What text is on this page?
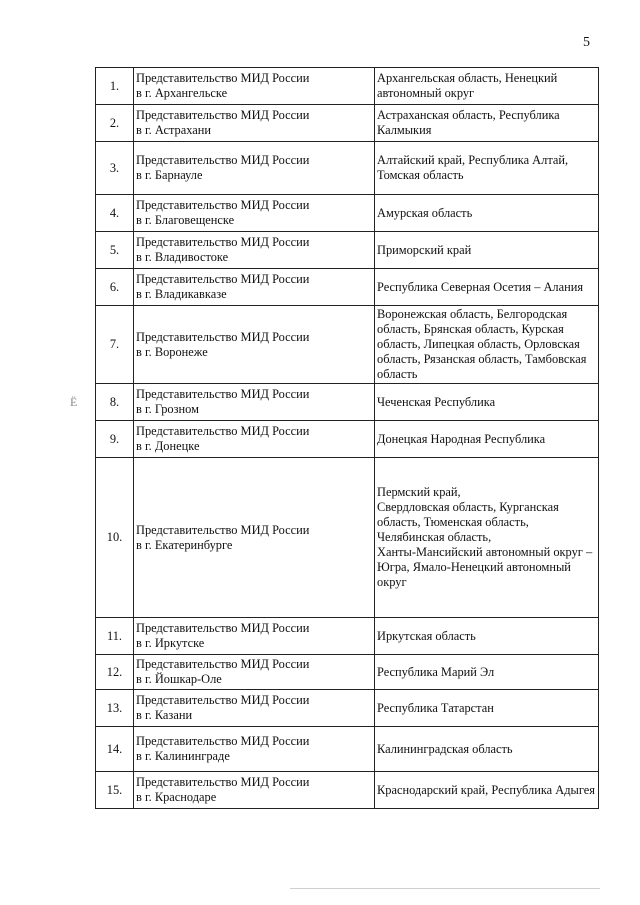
5
Ё
1.	Представительство МИД России
в г. Архангельске	Архангельская область, Ненецкий автономный округ

2.	Представительство МИД России
в г. Астрахани	Астраханская область, Республика Калмыкия

3.	Представительство МИД России
в г. Барнауле	Алтайский край, Республика Алтай, Томская область

4.	Представительство МИД России
в г. Благовещенске	Амурская область

5.	Представительство МИД России
в г. Владивостоке	Приморский край

6.	Представительство МИД России
в г. Владикавказе	Республика Северная Осетия – Алания

7.	Представительство МИД России
в г. Воронеже	Воронежская область, Белгородская область, Брянская область, Курская область, Липецкая область, Орловская область, Рязанская область, Тамбовская область

8.	Представительство МИД России
в г. Грозном	Чеченская Республика

9.	Представительство МИД России
в г. Донецке	Донецкая Народная Республика

10.	Представительство МИД России
в г. Екатеринбурге	Пермский край,
Свердловская область, Курганская область, Тюменская область,
Челябинская область,
Ханты-Мансийский автономный округ – Югра, Ямало-Ненецкий автономный округ

11.	Представительство МИД России
в г. Иркутске	Иркутская область

12.	Представительство МИД России
в г. Йошкар-Оле	Республика Марий Эл

13.	Представительство МИД России
в г. Казани	Республика Татарстан

14.	Представительство МИД России
в г. Калининграде	Калининградская область

15.	Представительство МИД России
в г. Краснодаре	Краснодарский край, Республика Адыгея
